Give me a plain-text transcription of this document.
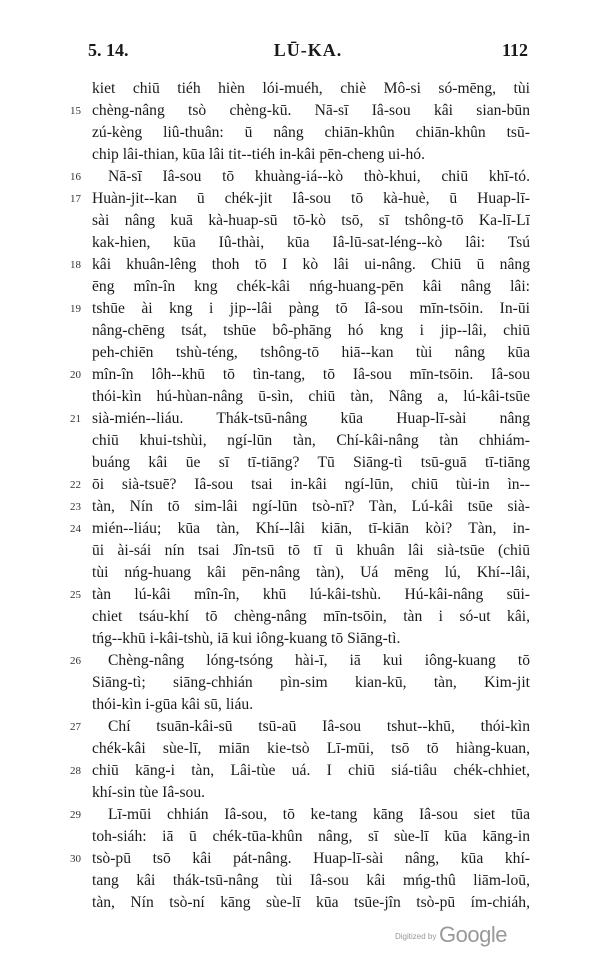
5. 14.	LŪ-KA.	112
kiet chiū tiéh hièn lói-muéh, chiè Mô-si só-mēng, tùi
15 chèng-nâng tsò chèng-kū. Nā-sī Iâ-sou kâi sian-būn
zú-kèng liû-thuân: ū nâng chiān-khûn chiān-khûn tsū-
chip lâi-thian, kūa lâi tit--tiéh in-kâi pēn-cheng ui-hó.
16	Nā-sī Iâ-sou tō khuàng-iá--kò thò-khui, chiū khī-tó.
17 Huàn-jit--kan ū chék-jit Iâ-sou tō kà-huè, ū Huap-lī-
sài nâng kuā kà-huap-sū tō-kò tsō, sī tshông-tō Ka-lī-Lī
kak-hien, kūa Iû-thài, kūa Iâ-lū-sat-léng--kò lâi: Tsú
18 kâi khuân-lêng thoh tō I kò lâi ui-nâng. Chiū ū nâng
ēng mîn-în kng chék-kâi nńg-huang-pēn kâi nâng lâi:
19 tshūe ài kng i jip--lâi pàng tō Iâ-sou mīn-tsōin. In-ūi
nâng-chēng tsát, tshūe bô-phāng hó kng i jip--lâi, chiū
peh-chiēn tshù-téng, tshông-tō hiā--kan tùi nâng kūa
20 mîn-în lôh--khū tō tìn-tang, tō Iâ-sou mīn-tsōin. Iâ-sou
thói-kìn hú-hùan-nâng ū-sìn, chiū tàn, Nâng a, lú-kâi-tsūe
21 sià-mién--liáu. Thák-tsū-nâng kūa Huap-lī-sài nâng
chiū khui-tshùi, ngí-lūn tàn, Chí-kâi-nâng tàn chhiám-
buáng kâi ūe sī tī-tiāng? Tū Siāng-tì tsū-guā tī-tiāng
22 ōi sià-tsuē? Iâ-sou tsai in-kâi ngí-lūn, chiū tùi-in ìn--
23 tàn, Nín tō sim-lâi ngí-lūn tsò-nī? Tàn, Lú-kâi tsūe sià-
24 mién--liáu; kūa tàn, Khí--lâi kiān, tī-kiān kòi? Tàn, in-
ūi ài-sái nín tsai Jîn-tsū tō tī ū khuân lâi sià-tsūe (chiū
tùi nńg-huang kâi pēn-nâng tàn), Uá mēng lú, Khí--lâi,
25 tàn lú-kâi mîn-în, khū lú-kâi-tshù. Hú-kâi-nâng sūi-
chiet tsáu-khí tō chèng-nâng mīn-tsōin, tàn i só-ut kâi,
tńg--khū i-kâi-tshù, iā kui iông-kuang tō Siāng-tì.
26	Chèng-nâng lóng-tsóng hài-ī, iā kui iông-kuang tō
Siāng-tì; siāng-chhián pìn-sim kian-kū, tàn, Kim-jit
thói-kìn i-gūa kâi sū, liáu.
27	Chí tsuān-kâi-sū tsū-aū Iâ-sou tshut--khū, thói-kìn
chék-kâi sùe-lī, miān kie-tsò Lī-mūi, tsō tō hiàng-kuan,
28 chiū kāng-i tàn, Lâi-tùe uá. I chiū siá-tiâu chék-chhiet,
khí-sin tùe Iâ-sou.
29	Lī-mūi chhián Iâ-sou, tō ke-tang kāng Iâ-sou siet tūa
toh-siáh: iā ū chék-tūa-khûn nâng, sī sùe-lī kūa kāng-in
30 tsò-pū tsō kâi pát-nâng. Huap-lī-sài nâng, kūa khí-
tang kâi thák-tsū-nâng tùi Iâ-sou kâi mńg-thû liām-loū,
tàn, Nín tsò-ní kāng sùe-lī kūa tsūe-jîn tsò-pū ím-chiáh,
Digitized by Google
